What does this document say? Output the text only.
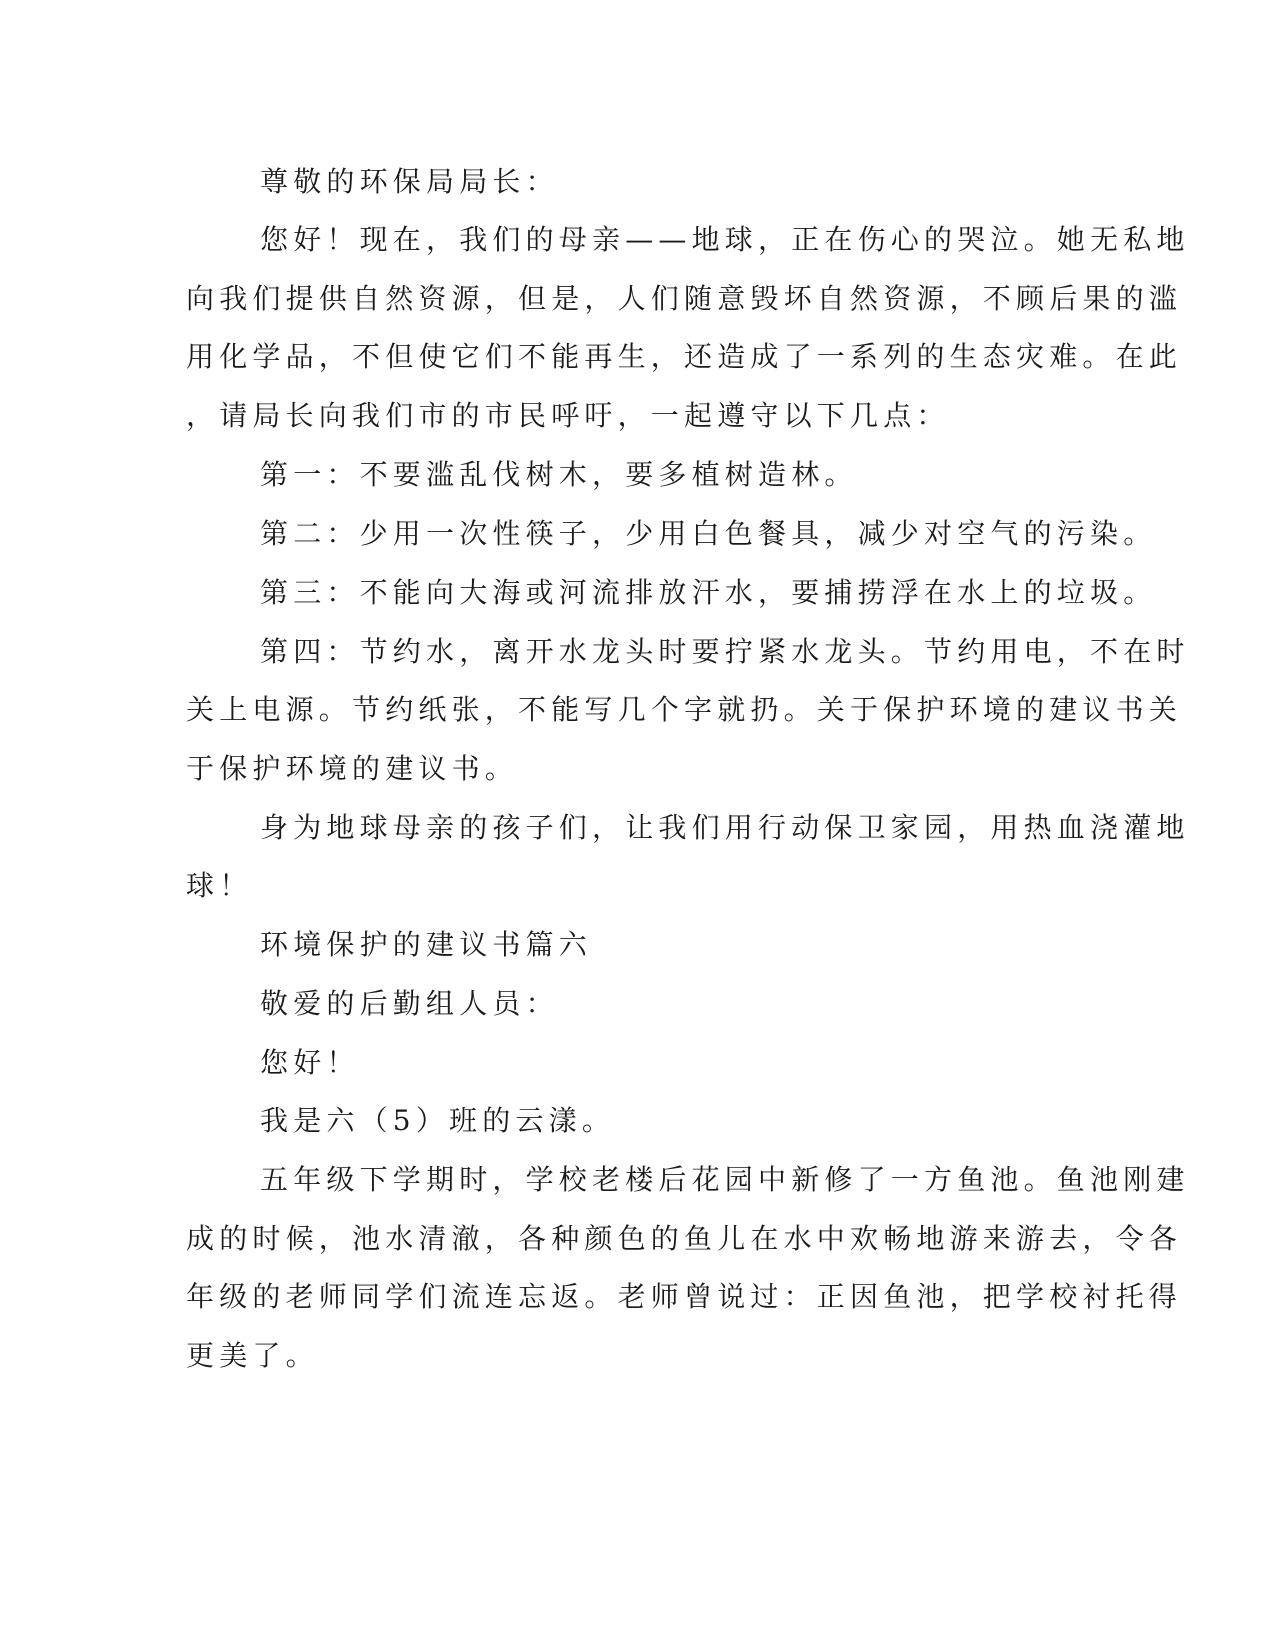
尊敬的环保局局长：
您好！现在，我们的母亲——地球，正在伤心的哭泣。她无私地
向我们提供自然资源，但是，人们随意毁坏自然资源，不顾后果的滥
用化学品，不但使它们不能再生，还造成了一系列的生态灾难。在此
，请局长向我们市的市民呼吁，一起遵守以下几点：
第一：不要滥乱伐树木，要多植树造林。
第二：少用一次性筷子，少用白色餐具，减少对空气的污染。
第三：不能向大海或河流排放汗水，要捕捞浮在水上的垃圾。
第四：节约水，离开水龙头时要拧紧水龙头。节约用电，不在时
关上电源。节约纸张，不能写几个字就扔。关于保护环境的建议书关
于保护环境的建议书。
身为地球母亲的孩子们，让我们用行动保卫家园，用热血浇灌地
球！
环境保护的建议书篇六
敬爱的后勤组人员：
您好！
我是六（5）班的云漾。
五年级下学期时，学校老楼后花园中新修了一方鱼池。鱼池刚建
成的时候，池水清澈，各种颜色的鱼儿在水中欢畅地游来游去，令各
年级的老师同学们流连忘返。老师曾说过：正因鱼池，把学校衬托得
更美了。
